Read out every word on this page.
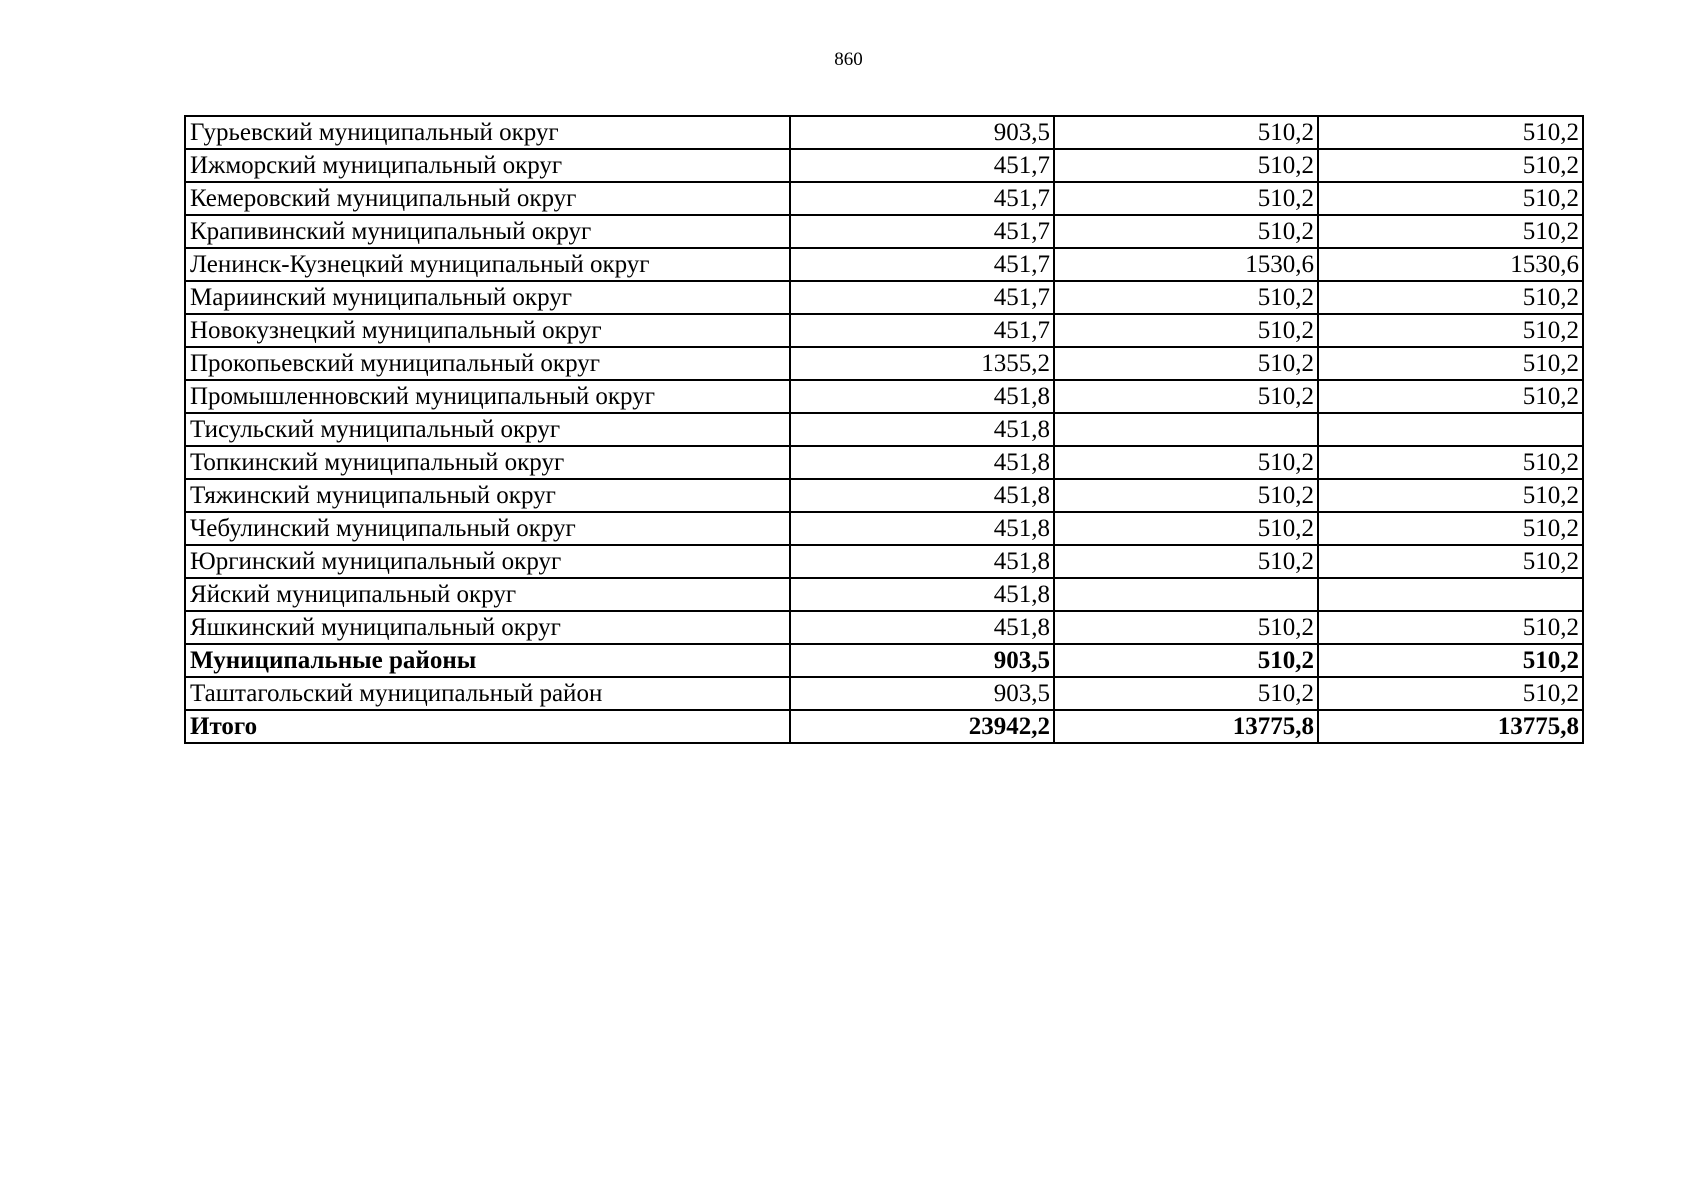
860
Гурьевский муниципальный округ	903,5	510,2	510,2
Ижморский муниципальный округ	451,7	510,2	510,2
Кемеровский муниципальный округ	451,7	510,2	510,2
Крапивинский муниципальный округ	451,7	510,2	510,2
Ленинск-Кузнецкий муниципальный округ	451,7	1530,6	1530,6
Мариинский муниципальный округ	451,7	510,2	510,2
Новокузнецкий муниципальный округ	451,7	510,2	510,2
Прокопьевский муниципальный округ	1355,2	510,2	510,2
Промышленновский муниципальный округ	451,8	510,2	510,2
Тисульский муниципальный округ	451,8		
Топкинский муниципальный округ	451,8	510,2	510,2
Тяжинский муниципальный округ	451,8	510,2	510,2
Чебулинский муниципальный округ	451,8	510,2	510,2
Юргинский муниципальный округ	451,8	510,2	510,2
Яйский муниципальный округ	451,8		
Яшкинский муниципальный округ	451,8	510,2	510,2
Муниципальные районы	903,5	510,2	510,2
Таштагольский муниципальный район	903,5	510,2	510,2
Итого	23942,2	13775,8	13775,8
